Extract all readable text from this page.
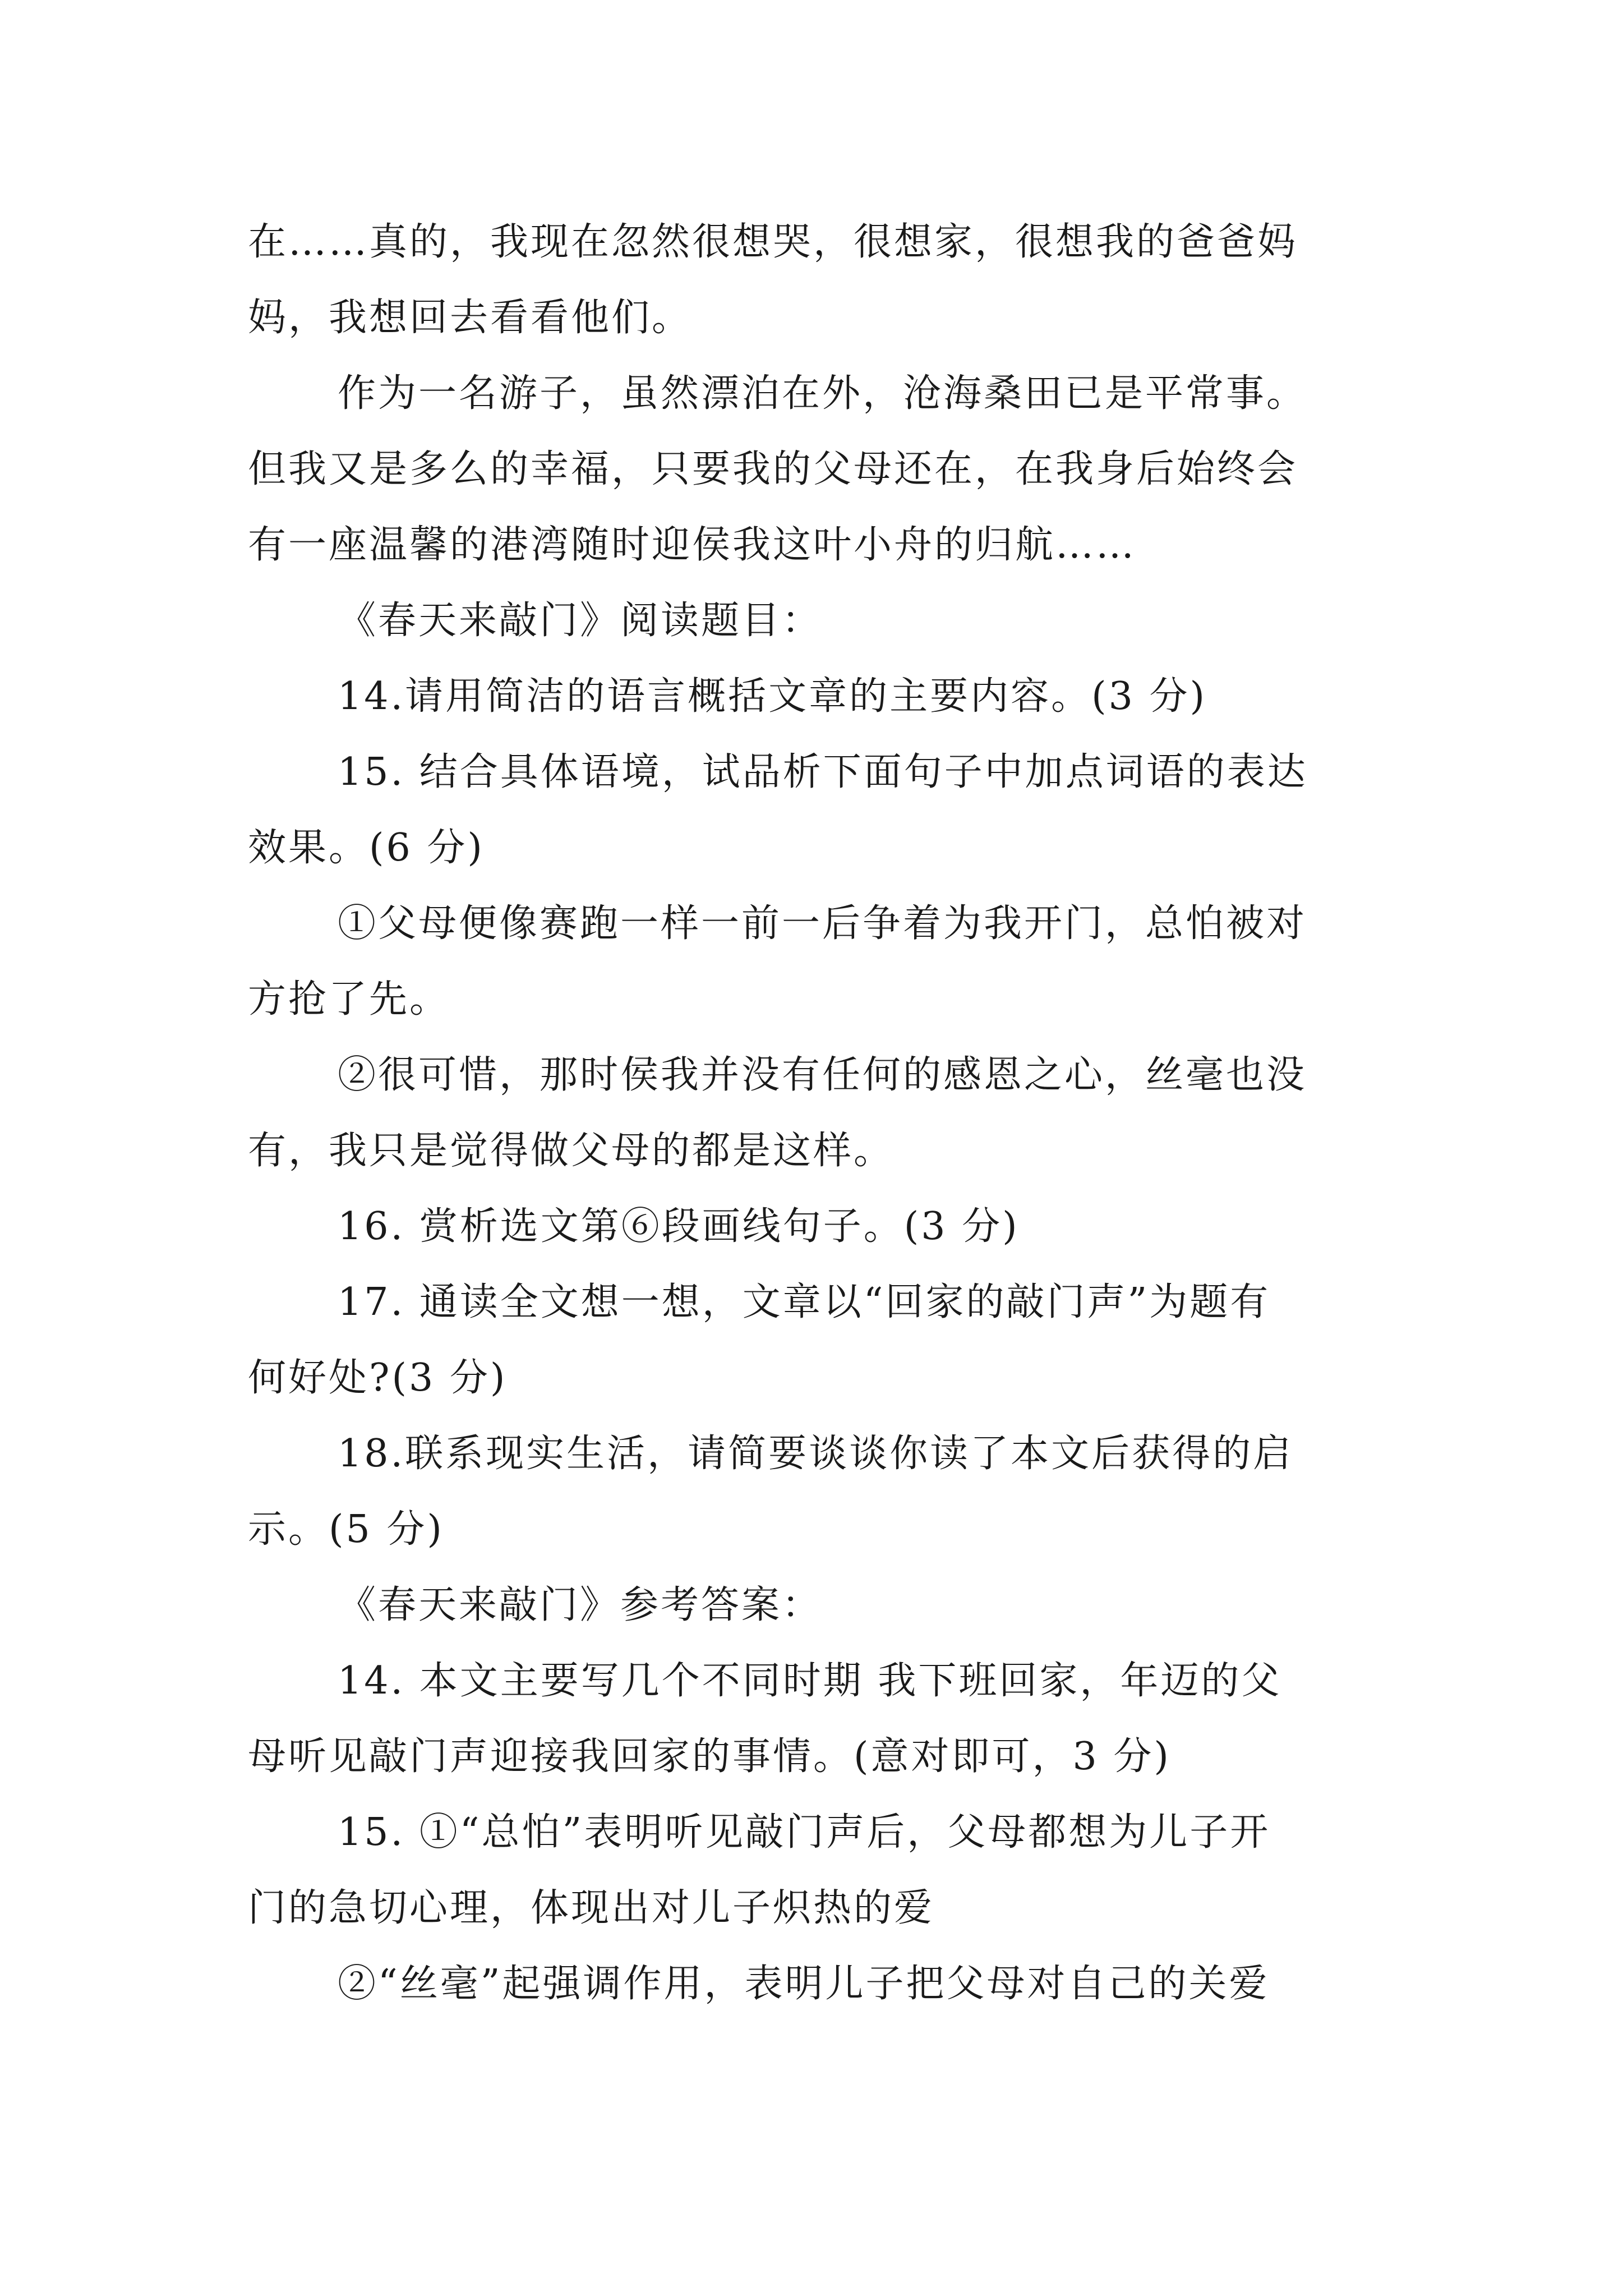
在……真的，我现在忽然很想哭，很想家，很想我的爸爸妈
妈，我想回去看看他们。
作为一名游子，虽然漂泊在外，沧海桑田已是平常事。
但我又是多么的幸福，只要我的父母还在，在我身后始终会
有一座温馨的港湾随时迎侯我这叶小舟的归航……
《春天来敲门》阅读题目：
14.请用简洁的语言概括文章的主要内容。(3 分)
15. 结合具体语境，试品析下面句子中加点词语的表达
效果。(6 分)
①父母便像赛跑一样一前一后争着为我开门，总怕被对
方抢了先。
②很可惜，那时侯我并没有任何的感恩之心，丝毫也没
有，我只是觉得做父母的都是这样。
16. 赏析选文第⑥段画线句子。(3 分)
17. 通读全文想一想，文章以“回家的敲门声”为题有
何好处?(3 分)
18.联系现实生活，请简要谈谈你读了本文后获得的启
示。(5 分)
《春天来敲门》参考答案：
14. 本文主要写几个不同时期 我下班回家，年迈的父
母听见敲门声迎接我回家的事情。(意对即可，3 分)
15. ①“总怕”表明听见敲门声后，父母都想为儿子开
门的急切心理，体现出对儿子炽热的爱
②“丝毫”起强调作用，表明儿子把父母对自己的关爱
